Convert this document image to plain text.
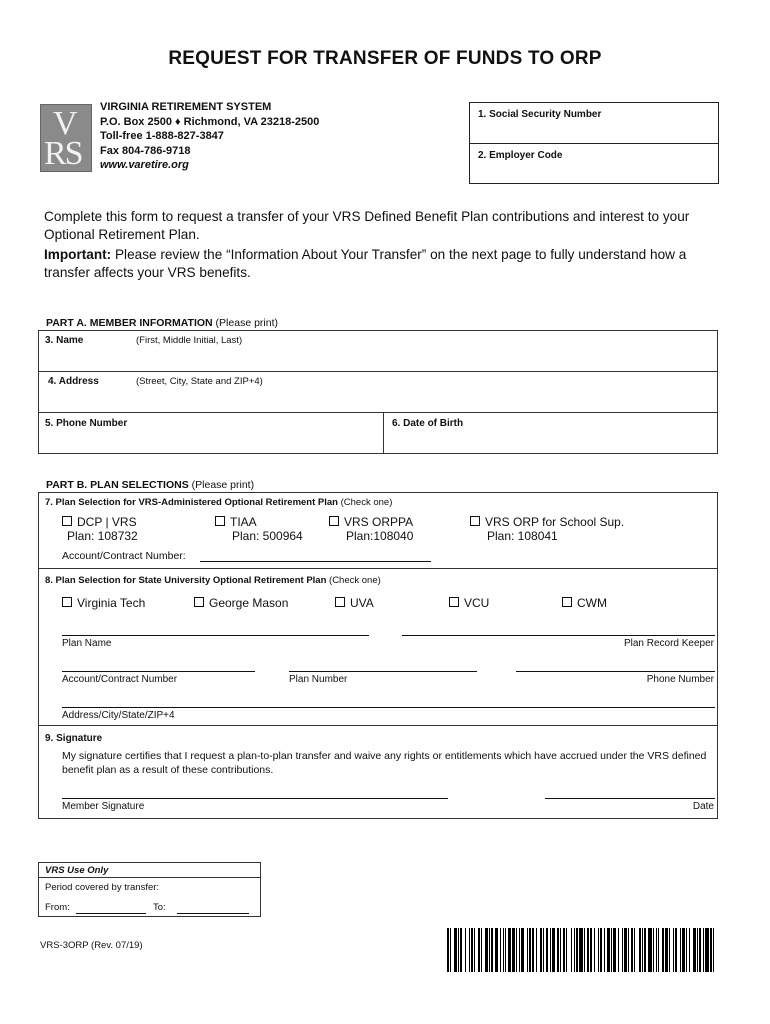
REQUEST FOR TRANSFER OF FUNDS TO ORP
V
RS
VIRGINIA RETIREMENT SYSTEM
P.O. Box 2500 ♦ Richmond, VA 23218-2500
Toll-free 1-888-827-3847
Fax 804-786-9718
www.varetire.org
1. Social Security Number
2. Employer Code

Complete this form to request a transfer of your VRS Defined Benefit Plan contributions and interest to your Optional Retirement Plan.

Important: Please review the “Information About Your Transfer” on the next page to fully understand how a transfer affects your VRS benefits.

PART A. MEMBER INFORMATION (Please print)
3. Name	(First, Middle Initial, Last)
4. Address	(Street, City, State and ZIP+4)
5. Phone Number	6. Date of Birth
PART B. PLAN SELECTIONS (Please print)
7. Plan Selection for VRS-Administered Optional Retirement Plan (Check one)
DCP | VRS
Plan: 108732
TIAA
Plan: 500964
VRS ORPPA
Plan:108040
VRS ORP for School Sup.
Plan: 108041
Account/Contract Number:
8. Plan Selection for State University Optional Retirement Plan (Check one)
Virginia Tech	George Mason	UVA	VCU	CWM
Plan Name	Plan Record Keeper
Account/Contract Number	Plan Number	Phone Number
Address/City/State/ZIP+4
9. Signature
My signature certifies that I request a plan-to-plan transfer and waive any rights or entitlements which have accrued under the VRS defined benefit plan as a result of these contributions.
Member Signature	Date
VRS Use Only
Period covered by transfer:
From:	To:
VRS-3ORP (Rev. 07/19)
